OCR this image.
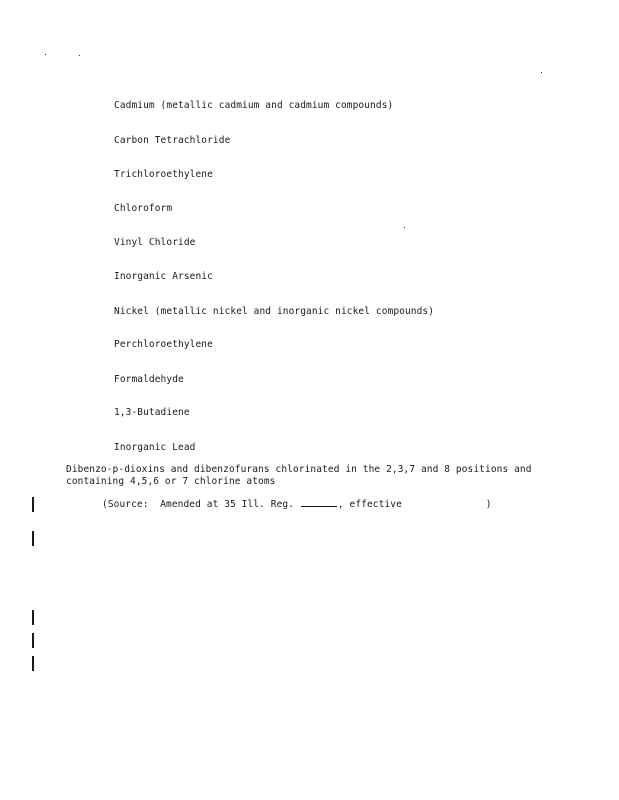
Cadmium (metallic cadmium and cadmium compounds)
Carbon Tetrachloride
Trichloroethylene
Chloroform
Vinyl Chloride
Inorganic Arsenic
Nickel (metallic nickel and inorganic nickel compounds)
Perchloroethylene
Formaldehyde
1,3-Butadiene
Inorganic Lead
Dibenzo-p-dioxins and dibenzofurans chlorinated in the 2,3,7 and 8 positions and containing 4,5,6 or 7 chlorine atoms
(Source:  Amended at 35 Ill. Reg.	, effective	)
